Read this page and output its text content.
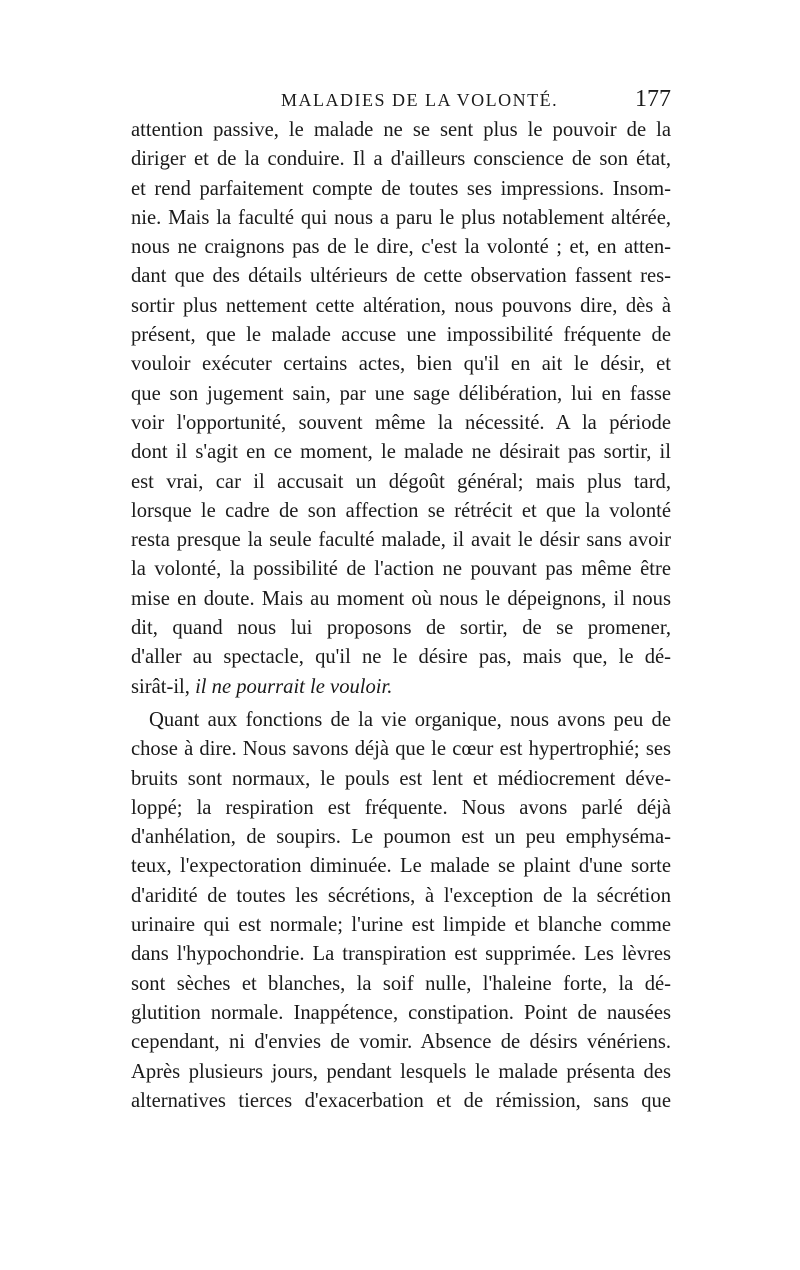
MALADIES DE LA VOLONTÉ.	177
attention passive, le malade ne se sent plus le pouvoir de la
diriger et de la conduire. Il a d'ailleurs conscience de son état,
et rend parfaitement compte de toutes ses impressions. Insom-
nie. Mais la faculté qui nous a paru le plus notablement altérée,
nous ne craignons pas de le dire, c'est la volonté ; et, en atten-
dant que des détails ultérieurs de cette observation fassent res-
sortir plus nettement cette altération, nous pouvons dire, dès à
présent, que le malade accuse une impossibilité fréquente de
vouloir exécuter certains actes, bien qu'il en ait le désir, et
que son jugement sain, par une sage délibération, lui en fasse
voir l'opportunité, souvent même la nécessité. A la période
dont il s'agit en ce moment, le malade ne désirait pas sortir, il
est vrai, car il accusait un dégoût général; mais plus tard,
lorsque le cadre de son affection se rétrécit et que la volonté
resta presque la seule faculté malade, il avait le désir sans avoir
la volonté, la possibilité de l'action ne pouvant pas même être
mise en doute. Mais au moment où nous le dépeignons, il nous
dit, quand nous lui proposons de sortir, de se promener,
d'aller au spectacle, qu'il ne le désire pas, mais que, le dé-
sirât-il, il ne pourrait le vouloir.
Quant aux fonctions de la vie organique, nous avons peu de
chose à dire. Nous savons déjà que le cœur est hypertrophié; ses
bruits sont normaux, le pouls est lent et médiocrement déve-
loppé; la respiration est fréquente. Nous avons parlé déjà
d'anhélation, de soupirs. Le poumon est un peu emphyséma-
teux, l'expectoration diminuée. Le malade se plaint d'une sorte
d'aridité de toutes les sécrétions, à l'exception de la sécrétion
urinaire qui est normale; l'urine est limpide et blanche comme
dans l'hypochondrie. La transpiration est supprimée. Les lèvres
sont sèches et blanches, la soif nulle, l'haleine forte, la dé-
glutition normale. Inappétence, constipation. Point de nausées
cependant, ni d'envies de vomir. Absence de désirs vénériens.
Après plusieurs jours, pendant lesquels le malade présenta des
alternatives tierces d'exacerbation et de rémission, sans que
